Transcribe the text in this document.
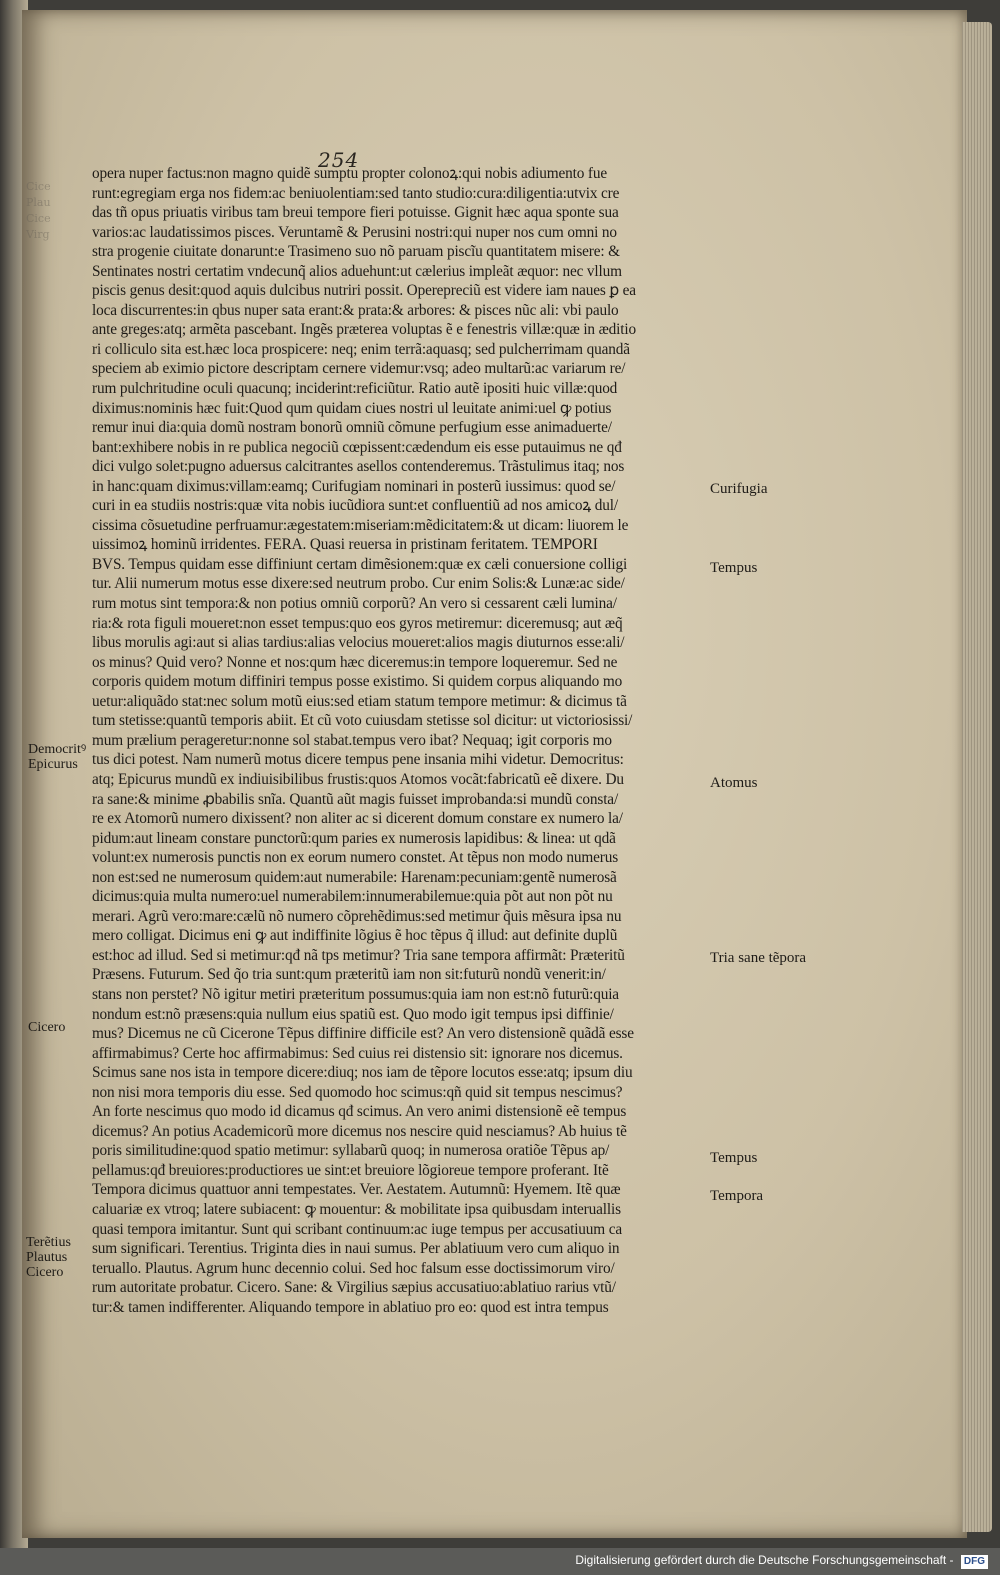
Cice
Plau
Cice
Virg
254
opera nuper factus:non magno quidẽ sumptu propter colonoꝝ:qui nobis adiumento fue
runt:egregiam erga nos fidem:ac beniuolentiam:sed tanto studio:cura:diligentia:utvix cre
das tñ opus priuatis viribus tam breui tempore fieri potuisse. Gignit hæc aqua sponte sua
varios:ac laudatissimos pisces. Veruntamẽ & Perusini nostri:qui nuper nos cum omni no
stra progenie ciuitate donarunt:e Trasimeno suo nõ paruam piscĩu quantitatem misere: &
Sentinates nostri certatim vndecunq̃ alios aduehunt:ut cælerius impleãt æquor: nec vllum
piscis genus desit:quod aquis dulcibus nutriri possit. Operepreciũ est videre iam naues ꝑ ea
loca discurrentes:in qbus nuper sata erant:& prata:& arbores: & pisces nũc ali: vbi paulo
ante greges:atq; armẽta pascebant. Ingẽs præterea voluptas ẽ e fenestris villæ:quæ in æditio
ri colliculo sita est.hæc loca prospicere: neq; enim terrã:aquasq; sed pulcherrimam quandã
speciem ab eximio pictore descriptam cernere videmur:vsq; adeo multarũ:ac variarum re/
rum pulchritudine oculi quacunq; inciderint:reficiũtur. Ratio autẽ ipositi huic villæ:quod
diximus:nominis hæc fuit:Quod qum quidam ciues nostri ul leuitate animi:uel ꝙ potius
remur inui dia:quia domũ nostram bonorũ omniũ cõmune perfugium esse animaduerte/
bant:exhibere nobis in re publica negociũ cœpissent:cædendum eis esse putauimus ne qđ
dici vulgo solet:pugno aduersus calcitrantes asellos contenderemus. Trãstulimus itaq; nos
in hanc:quam diximus:villam:eamq; Curifugiam nominari in posterũ iussimus: quod se/
curi in ea studiis nostris:quæ vita nobis iucũdiora sunt:et confluentiũ ad nos amicoꝝ dul/
cissima cõsuetudine perfruamur:ægestatem:miseriam:mẽdicitatem:& ut dicam: liuorem le
uissimoꝝ hominũ irridentes. FERA. Quasi reuersa in pristinam feritatem. TEMPORI
BVS. Tempus quidam esse diffiniunt certam dimẽsionem:quæ ex cæli conuersione colligi
tur. Alii numerum motus esse dixere:sed neutrum probo. Cur enim Solis:& Lunæ:ac side/
rum motus sint tempora:& non potius omniũ corporũ? An vero si cessarent cæli lumina/
ria:& rota figuli moueret:non esset tempus:quo eos gyros metiremur: diceremusq; aut æq̃
libus morulis agi:aut si alias tardius:alias velocius moueret:alios magis diuturnos esse:ali/
os minus? Quid vero? Nonne et nos:qum hæc diceremus:in tempore loqueremur. Sed ne
corporis quidem motum diffiniri tempus posse existimo. Si quidem corpus aliquando mo
uetur:aliquãdo stat:nec solum motũ eius:sed etiam statum tempore metimur: & dicimus tã
tum stetisse:quantũ temporis abiit. Et cũ voto cuiusdam stetisse sol dicitur: ut victoriosissi/
mum prælium perageretur:nonne sol stabat.tempus vero ibat? Nequaq; igit corporis mo
tus dici potest. Nam numerũ motus dicere tempus pene insania mihi videtur. Democritus:
atq; Epicurus mundũ ex indiuisibilibus frustis:quos Atomos vocãt:fabricatũ eẽ dixere. Du
ra sane:& minime ꝓbabilis snĩa. Quantũ aũt magis fuisset improbanda:si mundũ consta/
re ex Atomorũ numero dixissent? non aliter ac si dicerent domum constare ex numero la/
pidum:aut lineam constare punctorũ:qum paries ex numerosis lapidibus: & linea: ut qdã
volunt:ex numerosis punctis non ex eorum numero constet. At tẽpus non modo numerus
non est:sed ne numerosum quidem:aut numerabile: Harenam:pecuniam:gentẽ numerosã
dicimus:quia multa numero:uel numerabilem:innumerabilemue:quia põt aut non põt nu
merari. Agrũ vero:mare:cælũ nõ numero cõprehẽdimus:sed metimur q̃uis mẽsura ipsa nu
mero colligat. Dicimus eni ꝙ aut indiffinite lõgius ẽ hoc tẽpus q̃ illud: aut definite duplũ
est:hoc ad illud. Sed si metimur:qđ nã tps metimur? Tria sane tempora affirmãt: Præteritũ
Præsens. Futurum. Sed q̃o tria sunt:qum præteritũ iam non sit:futurũ nondũ venerit:in/
stans non perstet? Nõ igitur metiri præteritum possumus:quia iam non est:nõ futurũ:quia
nondum est:nõ præsens:quia nullum eius spatiũ est. Quo modo igit tempus ipsi diffinie/
mus? Dicemus ne cũ Cicerone Tẽpus diffinire difficile est? An vero distensionẽ quãdã esse
affirmabimus? Certe hoc affirmabimus: Sed cuius rei distensio sit: ignorare nos dicemus.
Scimus sane nos ista in tempore dicere:diuq; nos iam de tẽpore locutos esse:atq; ipsum diu
non nisi mora temporis diu esse. Sed quomodo hoc scimus:qñ quid sit tempus nescimus?
An forte nescimus quo modo id dicamus qđ scimus. An vero animi distensionẽ eẽ tempus
dicemus? An potius Academicorũ more dicemus nos nescire quid nesciamus? Ab huius tẽ
poris similitudine:quod spatio metimur: syllabarũ quoq; in numerosa oratiõe Tẽpus ap/
pellamus:qđ breuiores:productiores ue sint:et breuiore lõgioreue tempore proferant. Itẽ
Tempora dicimus quattuor anni tempestates. Ver. Aestatem. Autumnũ: Hyemem. Itẽ quæ
caluariæ ex vtroq; latere subiacent: ꝙ mouentur: & mobilitate ipsa quibusdam interuallis
quasi tempora imitantur. Sunt qui scribant continuum:ac iuge tempus per accusatiuum ca
sum significari. Terentius. Triginta dies in naui sumus. Per ablatiuum vero cum aliquo in
teruallo. Plautus. Agrum hunc decennio colui. Sed hoc falsum esse doctissimorum viro/
rum autoritate probatur. Cicero. Sane: & Virgilius sæpius accusatiuo:ablatiuo rarius vtũ/
tur:& tamen indifferenter. Aliquando tempore in ablatiuo pro eo: quod est intra tempus
Curifugia
Tempus
Atomus
Tria sane tẽpora
Tempus
Tempora
Democritꝰ
Epicurus
Cicero
Terẽtius
Plautus
Cicero
Digitalisierung gefördert durch die Deutsche Forschungsgemeinschaft - DFG
